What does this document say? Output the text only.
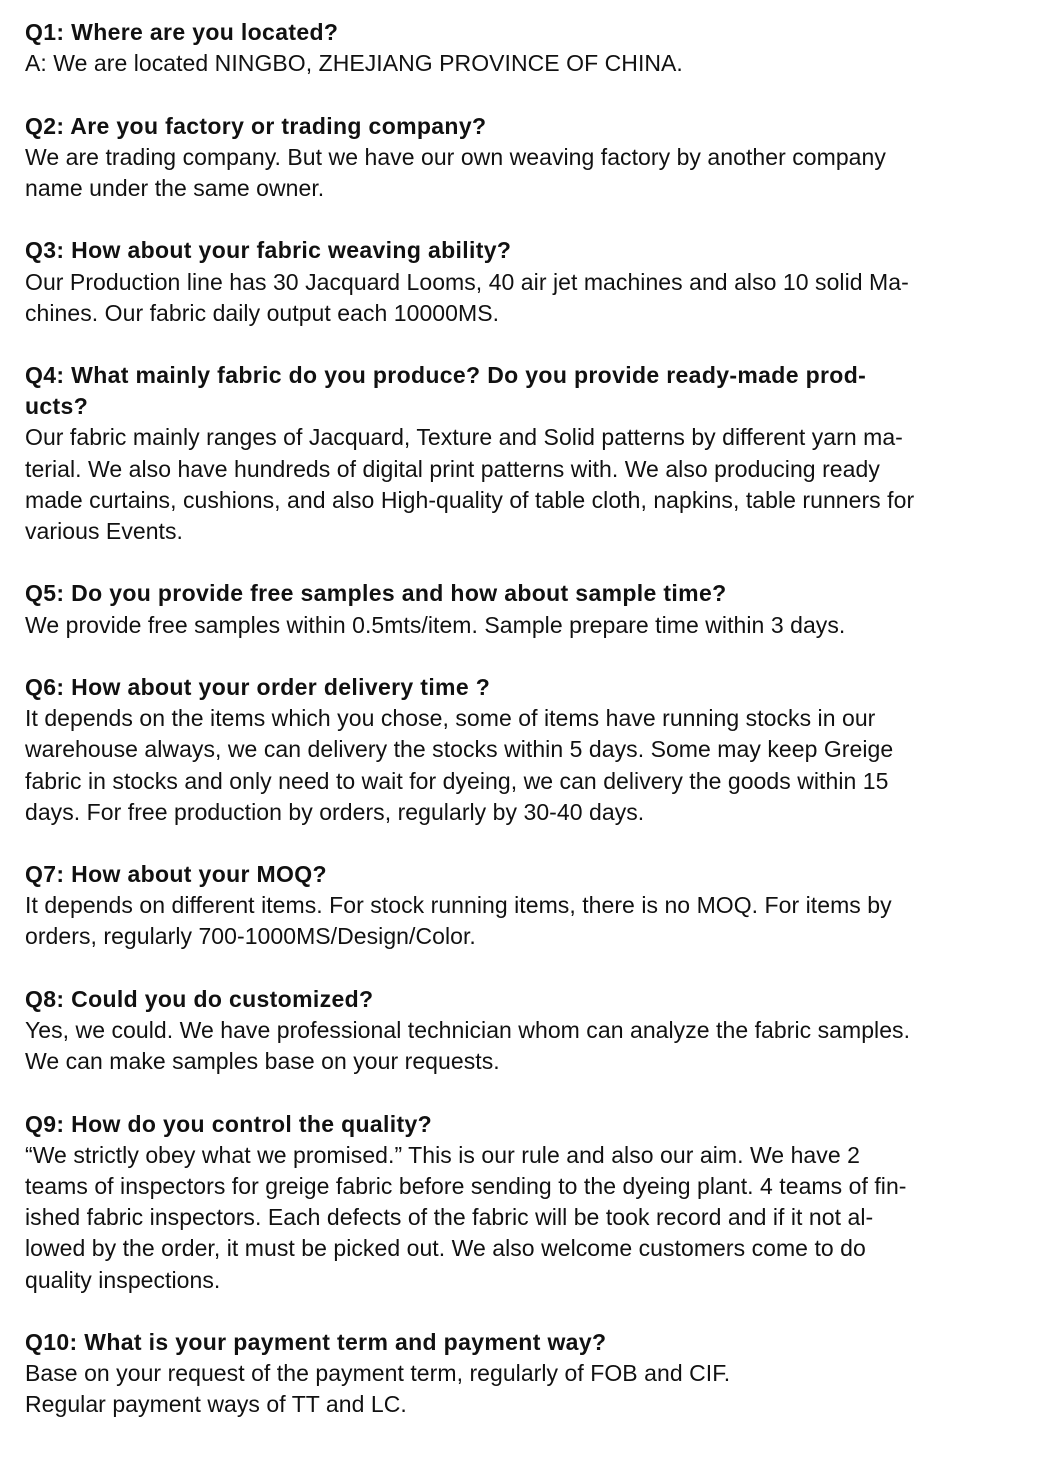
Q1: Where are you located?
A: We are located NINGBO, ZHEJIANG PROVINCE OF CHINA.
Q2: Are you factory or trading company?
We are trading company. But we have our own weaving factory by another company
name under the same owner.
Q3: How about your fabric weaving ability?
Our Production line has 30 Jacquard Looms, 40 air jet machines and also 10 solid Ma-
chines. Our fabric daily output each 10000MS.
Q4: What mainly fabric do you produce? Do you provide ready-made prod-
ucts?
Our fabric mainly ranges of Jacquard, Texture and Solid patterns by different yarn ma-
terial. We also have hundreds of digital print patterns with. We also producing ready
made curtains, cushions, and also High-quality of table cloth, napkins, table runners for
various Events.
Q5: Do you provide free samples and how about sample time?
We provide free samples within 0.5mts/item. Sample prepare time within 3 days.
Q6: How about your order delivery time ?
It depends on the items which you chose, some of items have running stocks in our
warehouse always, we can delivery the stocks within 5 days. Some may keep Greige
fabric in stocks and only need to wait for dyeing, we can delivery the goods within 15
days. For free production by orders, regularly by 30-40 days.
Q7: How about your MOQ?
It depends on different items. For stock running items, there is no MOQ. For items by
orders, regularly 700-1000MS/Design/Color.
Q8: Could you do customized?
Yes, we could. We have professional technician whom can analyze the fabric samples.
We can make samples base on your requests.
Q9: How do you control the quality?
“We strictly obey what we promised.” This is our rule and also our aim. We have 2
teams of inspectors for greige fabric before sending to the dyeing plant. 4 teams of fin-
ished fabric inspectors. Each defects of the fabric will be took record and if it not al-
lowed by the order, it must be picked out. We also welcome customers come to do
quality inspections.
Q10: What is your payment term and payment way?
Base on your request of the payment term, regularly of FOB and CIF.
Regular payment ways of TT and LC.
